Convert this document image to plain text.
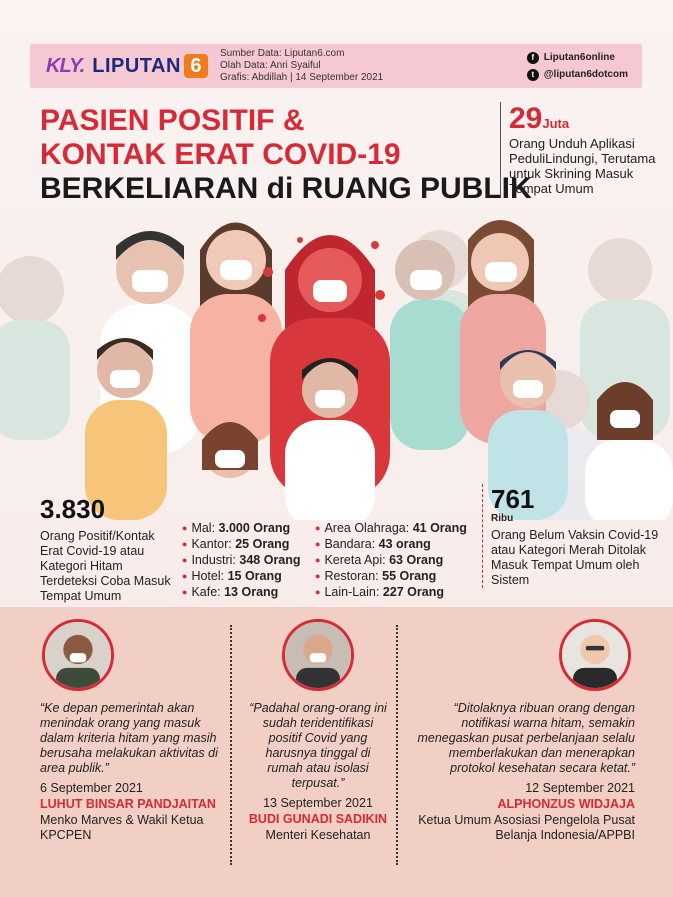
KLY. LIPUTAN 6
Sumber Data: Liputan6.com
Olah Data: Anri Syaiful
Grafis: Abdillah | 14 September 2021
f Liputan6online
t @liputan6dotcom
PASIEN POSITIF &
KONTAK ERAT COVID-19
BERKELIARAN di RUANG PUBLIK
29Juta
Orang Unduh Aplikasi PeduliLindungi, Terutama untuk Skrining Masuk Tempat Umum
3.830
Orang Positif/Kontak Erat Covid-19 atau Kategori Hitam Terdeteksi Coba Masuk Tempat Umum
● Mal: 3.000 Orang
● Kantor: 25 Orang
● Industri: 348 Orang
● Hotel: 15 Orang
● Kafe: 13 Orang
● Area Olahraga: 41 Orang
● Bandara: 43 orang
● Kereta Api: 63 Orang
● Restoran: 55 Orang
● Lain-Lain: 227 Orang
761
Ribu
Orang Belum Vaksin Covid-19 atau Kategori Merah Ditolak Masuk Tempat Umum oleh Sistem
“Ke depan pemerintah akan menindak orang yang masuk dalam kriteria hitam yang masih berusaha melakukan aktivitas di area publik.”
6 September 2021
LUHUT BINSAR PANDJAITAN
Menko Marves & Wakil Ketua KPCPEN
“Padahal orang-orang ini sudah teridentifikasi positif Covid yang harusnya tinggal di rumah atau isolasi terpusat.”
13 September 2021
BUDI GUNADI SADIKIN
Menteri Kesehatan
“Ditolaknya ribuan orang dengan notifikasi warna hitam, semakin menegaskan pusat perbelanjaan selalu memberlakukan dan menerapkan protokol kesehatan secara ketat.”
12 September 2021
ALPHONZUS WIDJAJA
Ketua Umum Asosiasi Pengelola Pusat Belanja Indonesia/APPBI
